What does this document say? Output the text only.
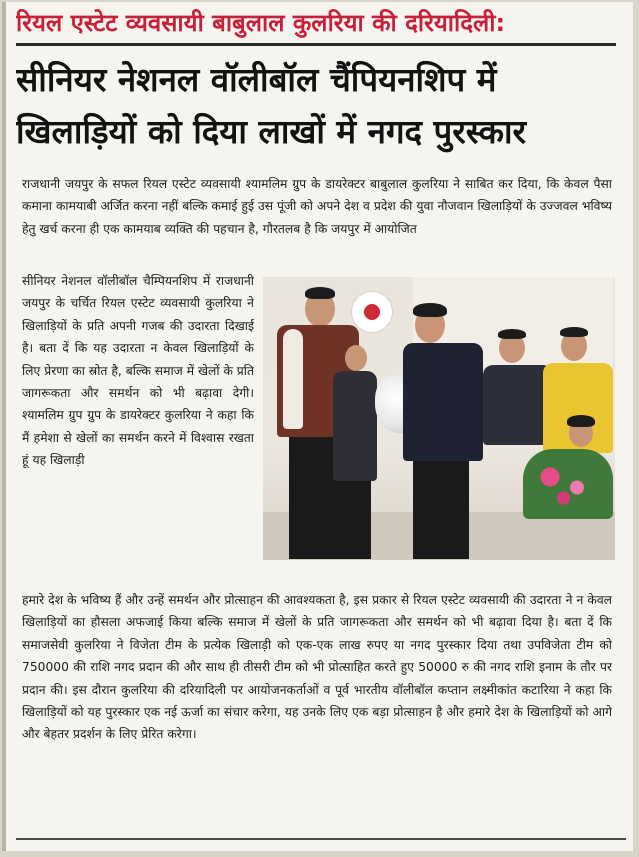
रियल एस्टेट व्यवसायी बाबुलाल कुलरिया की दरियादिली:
सीनियर नेशनल वॉलीबॉल चैंपियनशिप में
खिलाड़ियों को दिया लाखों में नगद पुरस्कार
राजधानी जयपुर के सफल रियल एस्टेट व्यवसायी श्यामलिम ग्रुप के डायरेक्टर बाबुलाल कुलरिया ने साबित कर दिया, कि केवल पैसा कमाना कामयाबी अर्जित करना नहीं बल्कि कमाई हुई उस पूंजी को अपने देश व प्रदेश की युवा नौजवान खिलाड़ियों के उज्जवल भविष्य हेतु खर्च करना ही एक कामयाब व्यक्ति की पहचान है, गौरतलब है कि जयपुर में आयोजित
सीनियर नेशनल वॉलीबॉल चैम्पियनशिप में राजधानी जयपुर के चर्चित रियल एस्टेट व्यवसायी कुलरिया ने खिलाड़ियों के प्रति अपनी गजब की उदारता दिखाई है। बता दें कि यह उदारता न केवल खिलाड़ियों के लिए प्रेरणा का स्रोत है, बल्कि समाज में खेलों के प्रति जागरूकता और समर्थन को भी बढ़ावा देगी। श्यामलिम ग्रुप ग्रुप के डायरेक्टर कुलरिया ने कहा कि मैं हमेशा से खेलों का समर्थन करने में विश्वास रखता हूं यह खिलाड़ी
हमारे देश के भविष्य हैं और उन्हें समर्थन और प्रोत्साहन की आवश्यकता है, इस प्रकार से रियल एस्टेट व्यवसायी की उदारता ने न केवल खिलाड़ियों का हौसला अफजाई किया बल्कि समाज में खेलों के प्रति जागरूकता और समर्थन को भी बढ़ावा दिया है। बता दें कि समाजसेवी कुलरिया ने विजेता टीम के प्रत्येक खिलाड़ी को एक-एक लाख रुपए या नगद पुरस्कार दिया तथा उपविजेता टीम को 750000 की राशि नगद प्रदान की और साथ ही तीसरी टीम को भी प्रोत्साहित करते हुए 50000 रु की नगद राशि इनाम के तौर पर प्रदान की। इस दौरान कुलरिया की दरियादिली पर आयोजनकर्ताओं व पूर्व भारतीय वॉलीबॉल कप्तान लक्ष्मीकांत कटारिया ने कहा कि खिलाड़ियों को यह पुरस्कार एक नई ऊर्जा का संचार करेगा, यह उनके लिए एक बड़ा प्रोत्साहन है और हमारे देश के खिलाड़ियों को आगे और बेहतर प्रदर्शन के लिए प्रेरित करेगा।
